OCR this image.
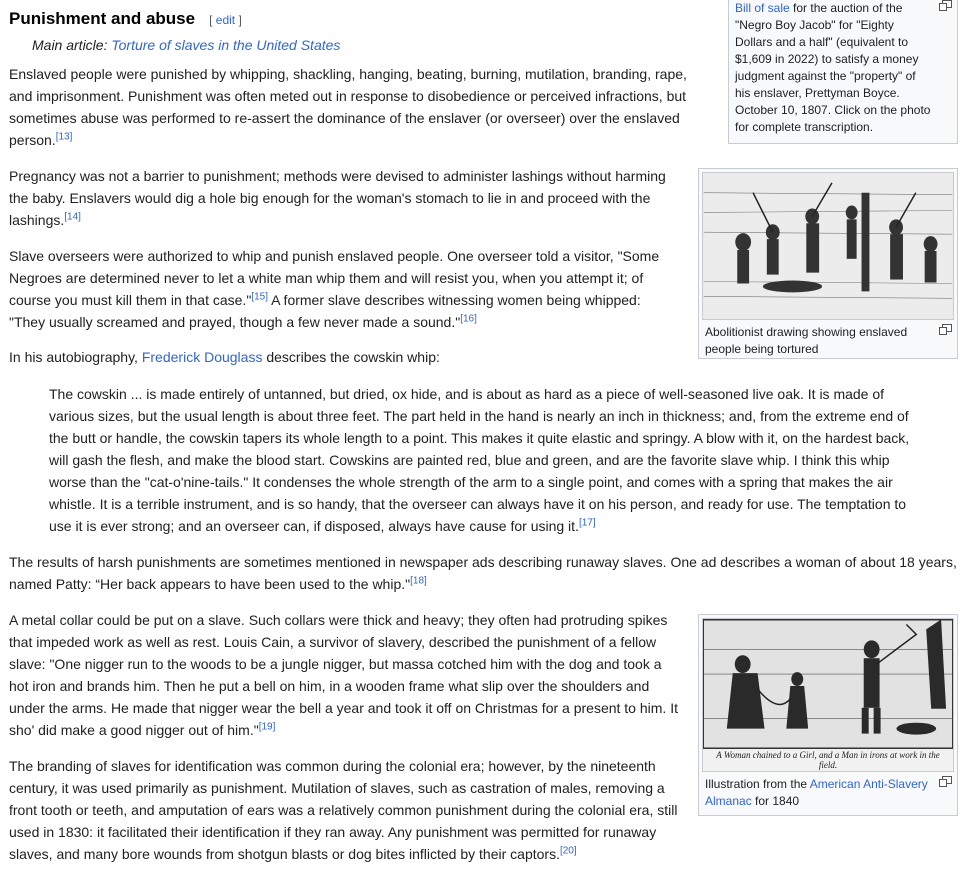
Punishment and abuse [ edit ]
Main article: Torture of slaves in the United States

Enslaved people were punished by whipping, shackling, hanging, beating, burning, mutilation, branding, rape, and imprisonment. Punishment was often meted out in response to disobedience or perceived infractions, but sometimes abuse was performed to re-assert the dominance of the enslaver (or overseer) over the enslaved person.[13]

Pregnancy was not a barrier to punishment; methods were devised to administer lashings without harming the baby. Enslavers would dig a hole big enough for the woman's stomach to lie in and proceed with the lashings.[14]

Slave overseers were authorized to whip and punish enslaved people. One overseer told a visitor, "Some Negroes are determined never to let a white man whip them and will resist you, when you attempt it; of course you must kill them in that case."[15] A former slave describes witnessing women being whipped: "They usually screamed and prayed, though a few never made a sound."[16]

In his autobiography, Frederick Douglass describes the cowskin whip:

The cowskin ... is made entirely of untanned, but dried, ox hide, and is about as hard as a piece of well-seasoned live oak. It is made of various sizes, but the usual length is about three feet. The part held in the hand is nearly an inch in thickness; and, from the extreme end of the butt or handle, the cowskin tapers its whole length to a point. This makes it quite elastic and springy. A blow with it, on the hardest back, will gash the flesh, and make the blood start. Cowskins are painted red, blue and green, and are the favorite slave whip. I think this whip worse than the "cat-o'nine-tails." It condenses the whole strength of the arm to a single point, and comes with a spring that makes the air whistle. It is a terrible instrument, and is so handy, that the overseer can always have it on his person, and ready for use. The temptation to use it is ever strong; and an overseer can, if disposed, always have cause for using it.[17]

The results of harsh punishments are sometimes mentioned in newspaper ads describing runaway slaves. One ad describes a woman of about 18 years, named Patty: “Her back appears to have been used to the whip."[18]

A metal collar could be put on a slave. Such collars were thick and heavy; they often had protruding spikes that impeded work as well as rest. Louis Cain, a survivor of slavery, described the punishment of a fellow slave: "One nigger run to the woods to be a jungle nigger, but massa cotched him with the dog and took a hot iron and brands him. Then he put a bell on him, in a wooden frame what slip over the shoulders and under the arms. He made that nigger wear the bell a year and took it off on Christmas for a present to him. It sho' did make a good nigger out of him."[19]

The branding of slaves for identification was common during the colonial era; however, by the nineteenth century, it was used primarily as punishment. Mutilation of slaves, such as castration of males, removing a front tooth or teeth, and amputation of ears was a relatively common punishment during the colonial era, still used in 1830: it facilitated their identification if they ran away. Any punishment was permitted for runaway slaves, and many bore wounds from shotgun blasts or dog bites inflicted by their captors.[20]

Bill of sale for the auction of the "Negro Boy Jacob" for "Eighty Dollars and a half" (equivalent to $1,609 in 2022) to satisfy a money judgment against the "property" of his enslaver, Prettyman Boyce. October 10, 1807. Click on the photo for complete transcription.
Abolitionist drawing showing enslaved people being tortured
A Woman chained to a Girl, and a Man in irons at work in the field.
Illustration from the American Anti-Slavery Almanac for 1840
